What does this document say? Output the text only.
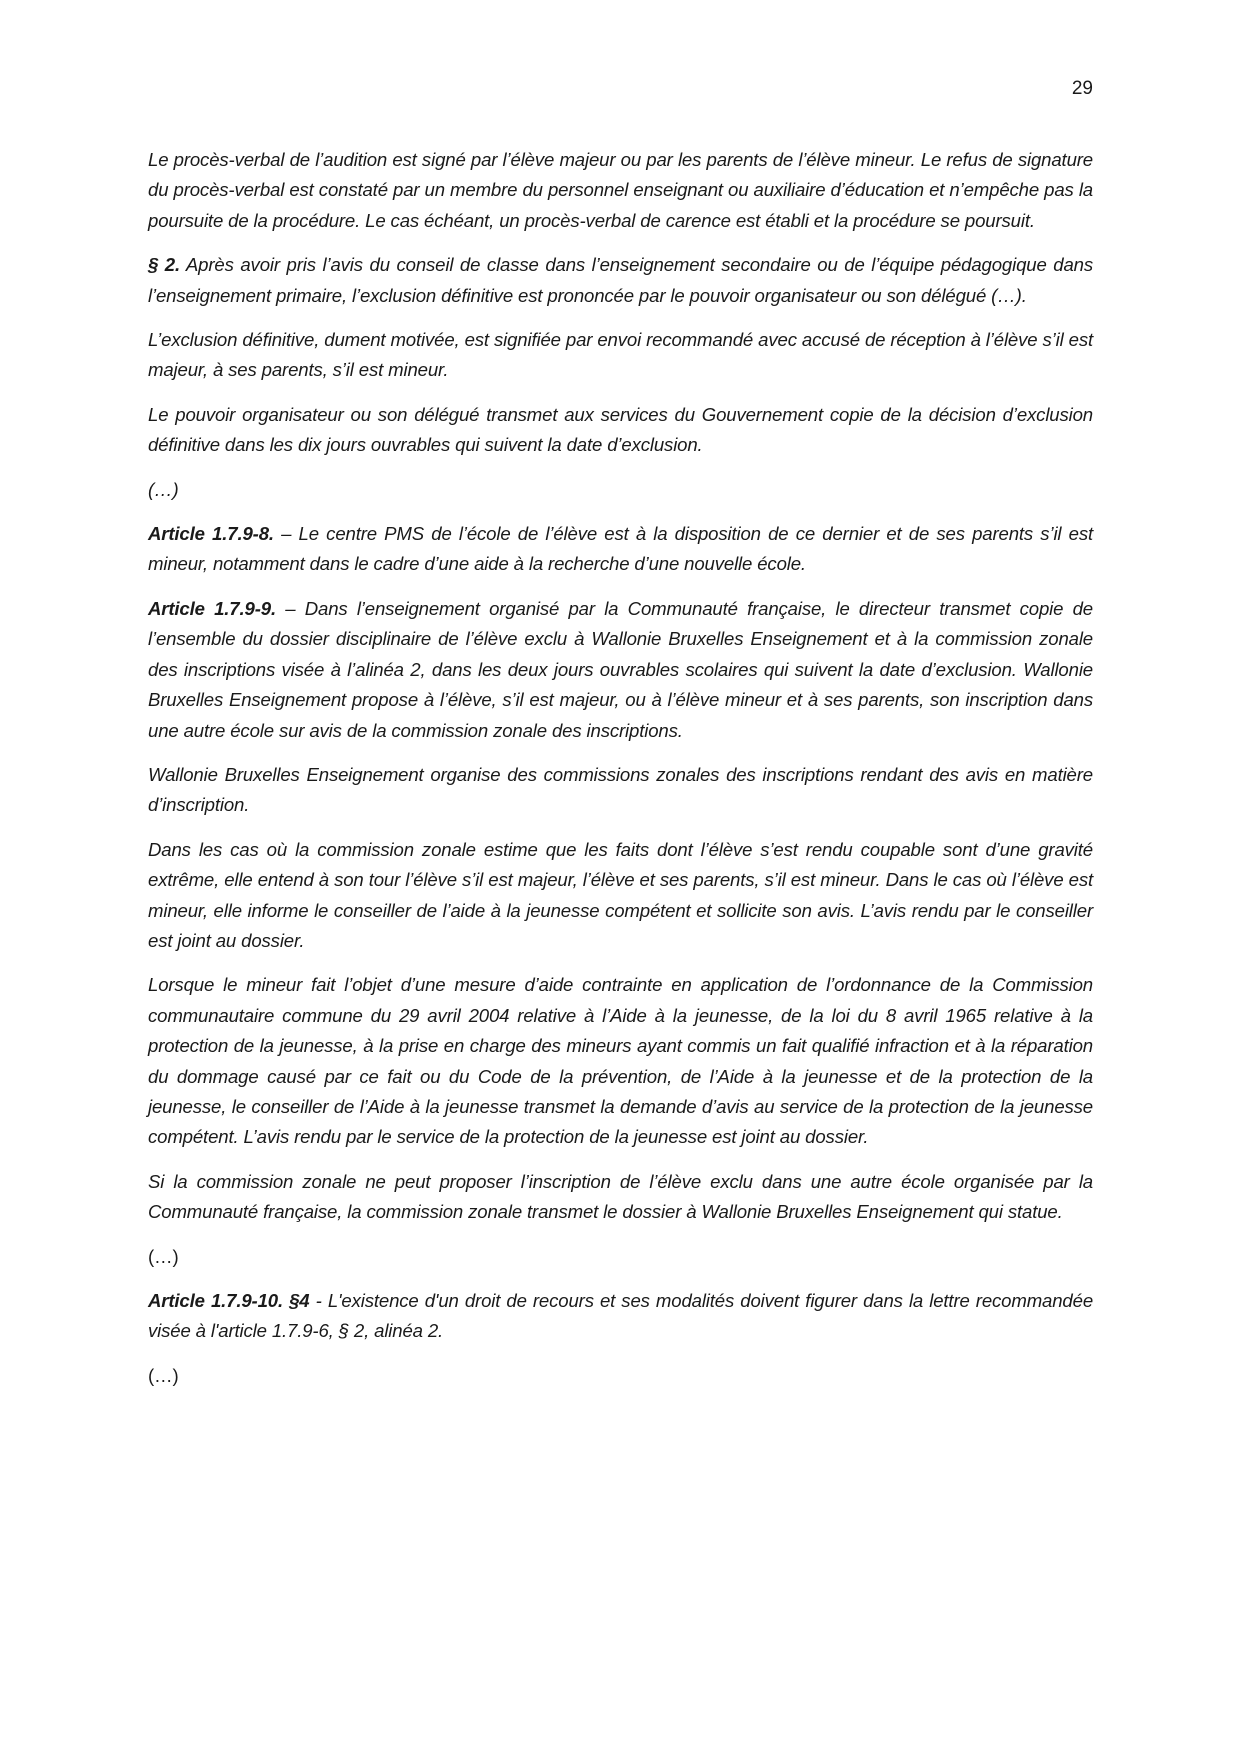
29

Le procès-verbal de l’audition est signé par l’élève majeur ou par les parents de l’élève mineur. Le refus de signature du procès-verbal est constaté par un membre du personnel enseignant ou auxiliaire d’éducation et n’empêche pas la poursuite de la procédure. Le cas échéant, un procès-verbal de carence est établi et la procédure se poursuit.

§ 2. Après avoir pris l’avis du conseil de classe dans l’enseignement secondaire ou de l’équipe pédagogique dans l’enseignement primaire, l’exclusion définitive est prononcée par le pouvoir organisateur ou son délégué (…).

L’exclusion définitive, dument motivée, est signifiée par envoi recommandé avec accusé de réception à l’élève s’il est majeur, à ses parents, s’il est mineur.

Le pouvoir organisateur ou son délégué transmet aux services du Gouvernement copie de la décision d’exclusion définitive dans les dix jours ouvrables qui suivent la date d’exclusion.

(…)

Article 1.7.9-8. – Le centre PMS de l’école de l’élève est à la disposition de ce dernier et de ses parents s’il est mineur, notamment dans le cadre d’une aide à la recherche d’une nouvelle école.

Article 1.7.9-9. – Dans l’enseignement organisé par la Communauté française, le directeur transmet copie de l’ensemble du dossier disciplinaire de l’élève exclu à Wallonie Bruxelles Enseignement et à la commission zonale des inscriptions visée à l’alinéa 2, dans les deux jours ouvrables scolaires qui suivent la date d’exclusion. Wallonie Bruxelles Enseignement propose à l’élève, s’il est majeur, ou à l’élève mineur et à ses parents, son inscription dans une autre école sur avis de la commission zonale des inscriptions.

Wallonie Bruxelles Enseignement organise des commissions zonales des inscriptions rendant des avis en matière d’inscription.

Dans les cas où la commission zonale estime que les faits dont l’élève s’est rendu coupable sont d’une gravité extrême, elle entend à son tour l’élève s’il est majeur, l’élève et ses parents, s’il est mineur. Dans le cas où l’élève est mineur, elle informe le conseiller de l’aide à la jeunesse compétent et sollicite son avis. L’avis rendu par le conseiller est joint au dossier.

Lorsque le mineur fait l’objet d’une mesure d’aide contrainte en application de l’ordonnance de la Commission communautaire commune du 29 avril 2004 relative à l’Aide à la jeunesse, de la loi du 8 avril 1965 relative à la protection de la jeunesse, à la prise en charge des mineurs ayant commis un fait qualifié infraction et à la réparation du dommage causé par ce fait ou du Code de la prévention, de l’Aide à la jeunesse et de la protection de la jeunesse, le conseiller de l’Aide à la jeunesse transmet la demande d’avis au service de la protection de la jeunesse compétent. L’avis rendu par le service de la protection de la jeunesse est joint au dossier.

Si la commission zonale ne peut proposer l’inscription de l’élève exclu dans une autre école organisée par la Communauté française, la commission zonale transmet le dossier à Wallonie Bruxelles Enseignement qui statue.

(…)

Article 1.7.9-10. §4 - L'existence d'un droit de recours et ses modalités doivent figurer dans la lettre recommandée visée à l'article 1.7.9-6, § 2, alinéa 2.

(…)
